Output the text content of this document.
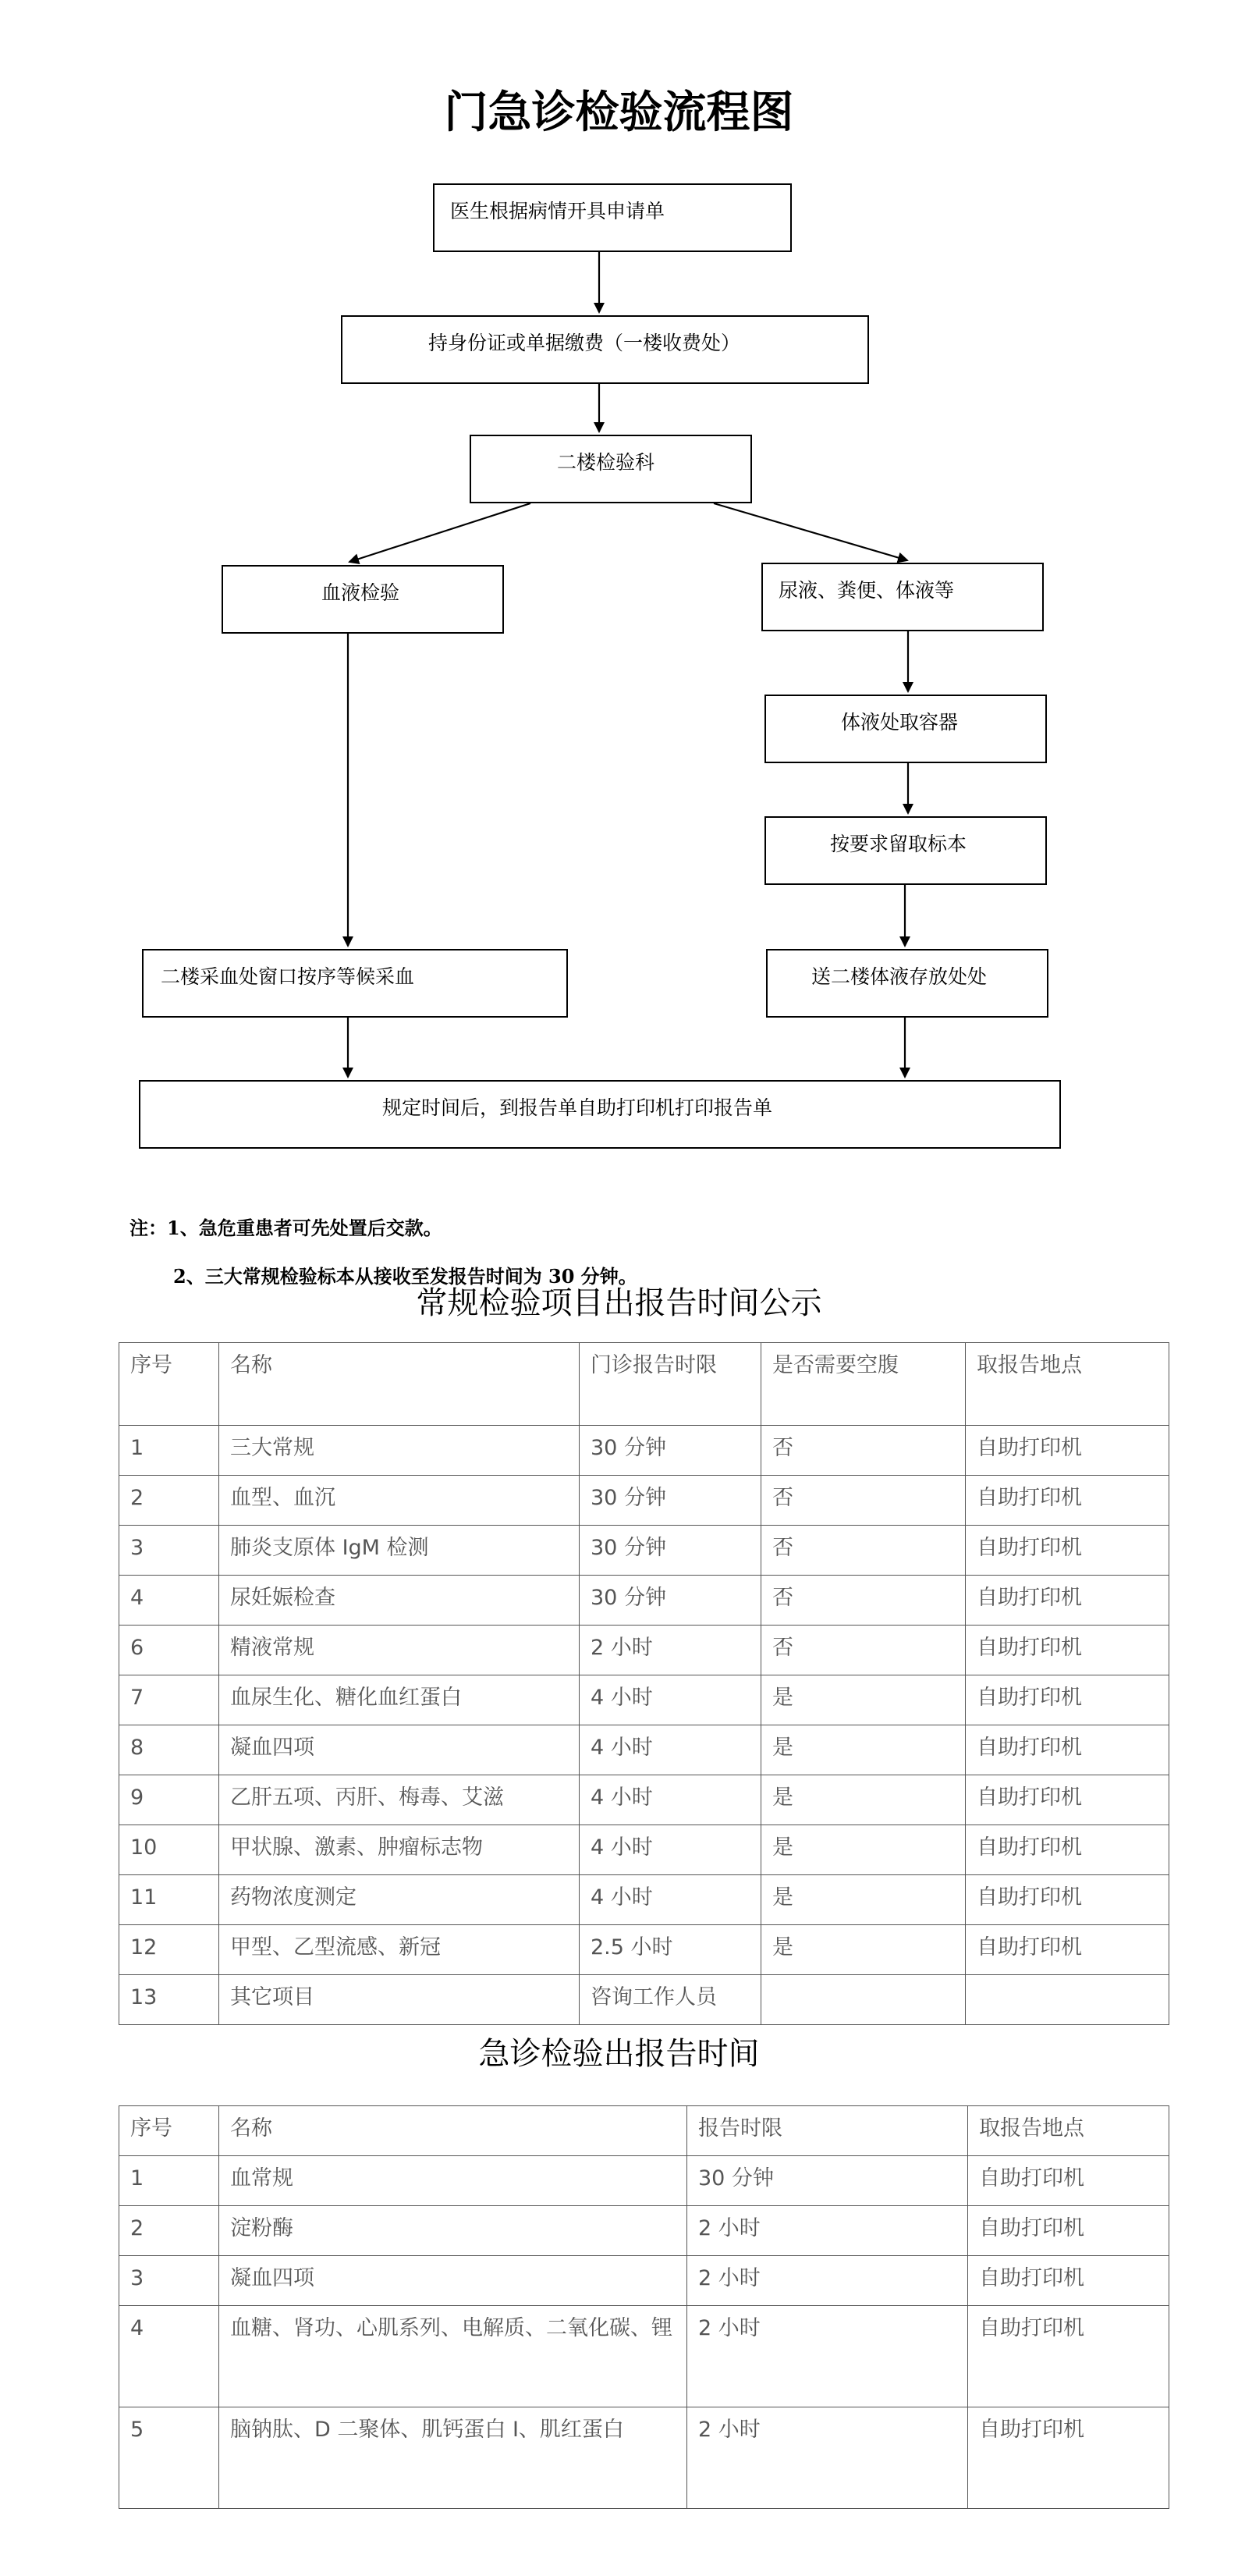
门急诊检验流程图
医生根据病情开具申请单
持身份证或单据缴费（一楼收费处）
二楼检验科
血液检验	尿液、粪便、体液等
体液处取容器
按要求留取标本
二楼采血处窗口按序等候采血	送二楼体液存放处处
规定时间后，到报告单自助打印机打印报告单
注：1、急危重患者可先处置后交款。
2、三大常规检验标本从接收至发报告时间为 30 分钟。
常规检验项目出报告时间公示
序号	名称	门诊报告时限	是否需要空腹	取报告地点
1	三大常规	30 分钟	否	自助打印机
2	血型、血沉	30 分钟	否	自助打印机
3	肺炎支原体 IgM 检测	30 分钟	否	自助打印机
4	尿妊娠检查	30 分钟	否	自助打印机
6	精液常规	2 小时	否	自助打印机
7	血尿生化、糖化血红蛋白	4 小时	是	自助打印机
8	凝血四项	4 小时	是	自助打印机
9	乙肝五项、丙肝、梅毒、艾滋	4 小时	是	自助打印机
10	甲状腺、激素、肿瘤标志物	4 小时	是	自助打印机
11	药物浓度测定	4 小时	是	自助打印机
12	甲型、乙型流感、新冠	2.5 小时	是	自助打印机
13	其它项目	咨询工作人员		
急诊检验出报告时间
序号	名称	报告时限	取报告地点
1	血常规	30 分钟	自助打印机
2	淀粉酶	2 小时	自助打印机
3	凝血四项	2 小时	自助打印机
4	血糖、肾功、心肌系列、电解质、二氧化碳、锂	2 小时	自助打印机
5	脑钠肽、D 二聚体、肌钙蛋白 I、肌红蛋白	2 小时	自助打印机
